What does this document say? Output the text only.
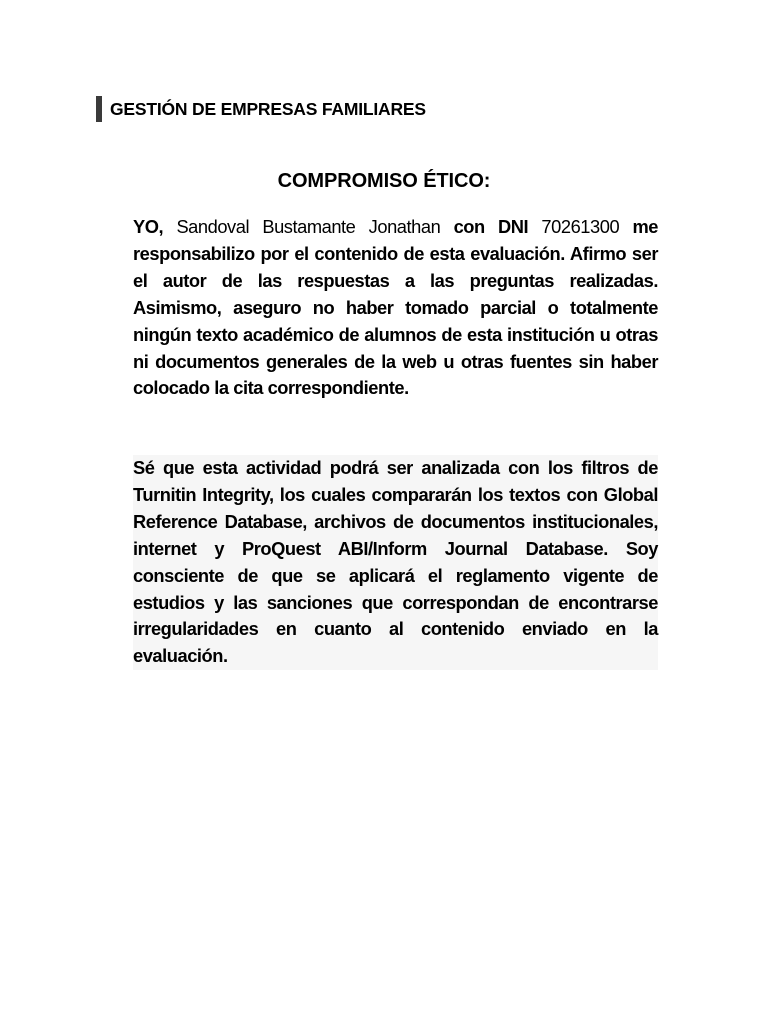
GESTIÓN DE EMPRESAS FAMILIARES
COMPROMISO ÉTICO:

YO, Sandoval Bustamante Jonathan con DNI 70261300 me responsabilizo por el contenido de esta evaluación. Afirmo ser el autor de las respuestas a las preguntas realizadas. Asimismo, aseguro no haber tomado parcial o totalmente ningún texto académico de alumnos de esta institución u otras ni documentos generales de la web u otras fuentes sin haber colocado la cita correspondiente.

Sé que esta actividad podrá ser analizada con los filtros de Turnitin Integrity, los cuales compararán los textos con Global Reference Database, archivos de documentos institucionales, internet y ProQuest ABI/Inform Journal Database. Soy consciente de que se aplicará el reglamento vigente de estudios y las sanciones que correspondan de encontrarse irregularidades en cuanto al contenido enviado en la evaluación.
